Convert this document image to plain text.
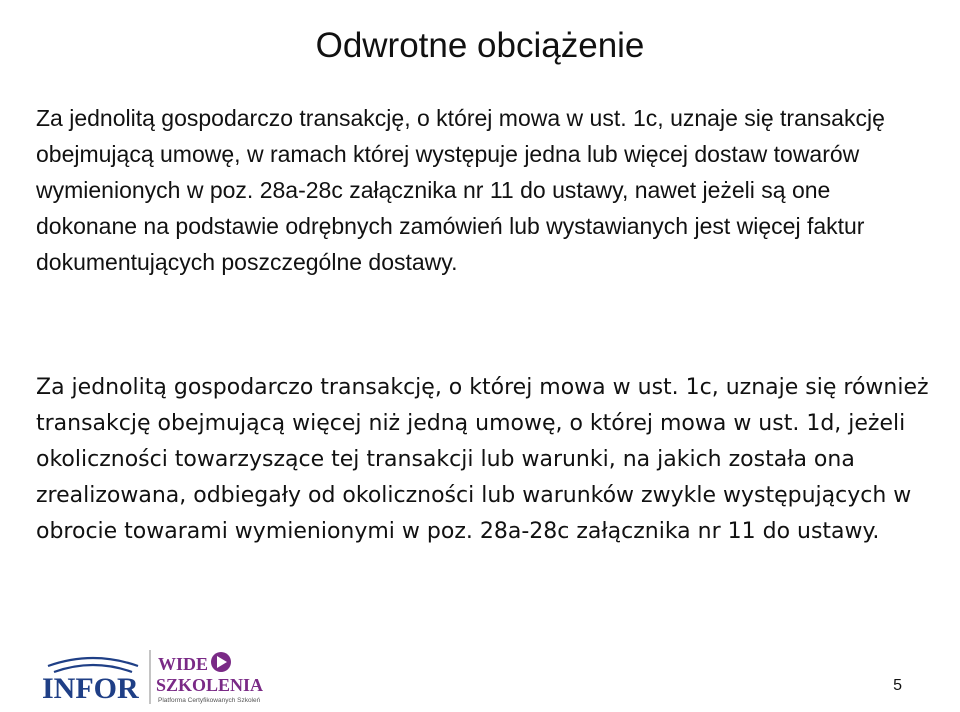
Odwrotne obciążenie

Za jednolitą gospodarczo transakcję, o której mowa w ust. 1c, uznaje się transakcję obejmującą umowę, w ramach której występuje jedna lub więcej dostaw towarów wymienionych w poz. 28a-28c załącznika nr 11 do ustawy, nawet jeżeli są one dokonane na podstawie odrębnych zamówień lub wystawianych jest więcej faktur dokumentujących poszczególne dostawy.

Za jednolitą gospodarczo transakcję, o której mowa w ust. 1c, uznaje się również transakcję obejmującą więcej niż jedną umowę, o której mowa w ust. 1d, jeżeli okoliczności towarzyszące tej transakcji lub warunki, na jakich została ona zrealizowana, odbiegały od okoliczności lub warunków zwykle występujących w obrocie towarami wymienionymi w poz. 28a-28c załącznika nr 11 do ustawy.

INFOR
WIDE
SZKOLENIA
Platforma Certyfikowanych Szkoleń
5
